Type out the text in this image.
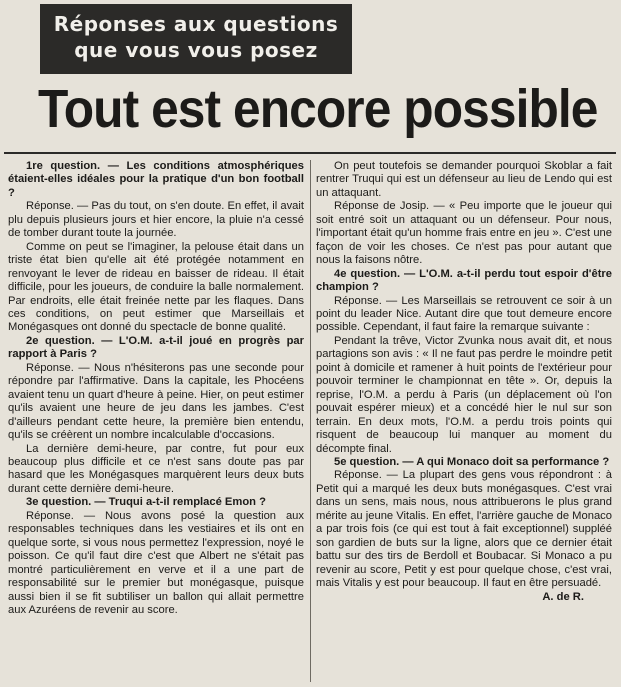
Réponses aux questions
que vous vous posez
Tout est encore possible

1re question. — Les conditions atmosphériques étaient-elles idéales pour la pratique d'un bon football ?

Réponse. — Pas du tout, on s'en doute. En effet, il avait plu depuis plusieurs jours et hier encore, la pluie n'a cessé de tomber durant toute la journée.

Comme on peut se l'imaginer, la pelouse était dans un triste état bien qu'elle ait été protégée notamment en renvoyant le lever de rideau en baisser de rideau. Il était difficile, pour les joueurs, de conduire la balle normalement. Par endroits, elle était freinée nette par les flaques. Dans ces conditions, on peut estimer que Marseillais et Monégasques ont donné du spectacle de bonne qualité.

2e question. — L'O.M. a-t-il joué en progrès par rapport à Paris ?

Réponse. — Nous n'hésiterons pas une seconde pour répondre par l'affirmative. Dans la capitale, les Phocéens avaient tenu un quart d'heure à peine. Hier, on peut estimer qu'ils avaient une heure de jeu dans les jambes. C'est d'ailleurs pendant cette heure, la première bien entendu, qu'ils se créèrent un nombre incalculable d'occasions.

La dernière demi-heure, par contre, fut pour eux beaucoup plus difficile et ce n'est sans doute pas par hasard que les Monégasques marquèrent leurs deux buts durant cette dernière demi-heure.

3e question. — Truqui a-t-il remplacé Emon ?

Réponse. — Nous avons posé la question aux responsables techniques dans les vestiaires et ils ont en quelque sorte, si vous nous permettez l'expression, noyé le poisson. Ce qu'il faut dire c'est que Albert ne s'était pas montré particulièrement en verve et il a une part de responsabilité sur le premier but monégasque, puisque aussi bien il se fit subtiliser un ballon qui allait permettre aux Azuréens de revenir au score.

On peut toutefois se demander pourquoi Skoblar a fait rentrer Truqui qui est un défenseur au lieu de Lendo qui est un attaquant.

Réponse de Josip. — « Peu importe que le joueur qui soit entré soit un attaquant ou un défenseur. Pour nous, l'important était qu'un homme frais entre en jeu ». C'est une façon de voir les choses. Ce n'est pas pour autant que nous la faisons nôtre.

4e question. — L'O.M. a-t-il perdu tout espoir d'être champion ?

Réponse. — Les Marseillais se retrouvent ce soir à un point du leader Nice. Autant dire que tout demeure encore possible. Cependant, il faut faire la remarque suivante :

Pendant la trêve, Victor Zvunka nous avait dit, et nous partagions son avis : « Il ne faut pas perdre le moindre petit point à domicile et ramener à huit points de l'extérieur pour pouvoir terminer le championnat en tête ». Or, depuis la reprise, l'O.M. a perdu à Paris (un déplacement où l'on pouvait espérer mieux) et a concédé hier le nul sur son terrain. En deux mots, l'O.M. a perdu trois points qui risquent de beaucoup lui manquer au moment du décompte final.

5e question. — A qui Monaco doit sa performance ?

Réponse. — La plupart des gens vous répondront : à Petit qui a marqué les deux buts monégasques. C'est vrai dans un sens, mais nous, nous attribuerons le plus grand mérite au jeune Vitalis. En effet, l'arrière gauche de Monaco a par trois fois (ce qui est tout à fait exceptionnel) suppléé son gardien de buts sur la ligne, alors que ce dernier était battu sur des tirs de Berdoll et Boubacar. Si Monaco a pu revenir au score, Petit y est pour quelque chose, c'est vrai, mais Vitalis y est pour beaucoup. Il faut en être persuadé.

A. de R.
